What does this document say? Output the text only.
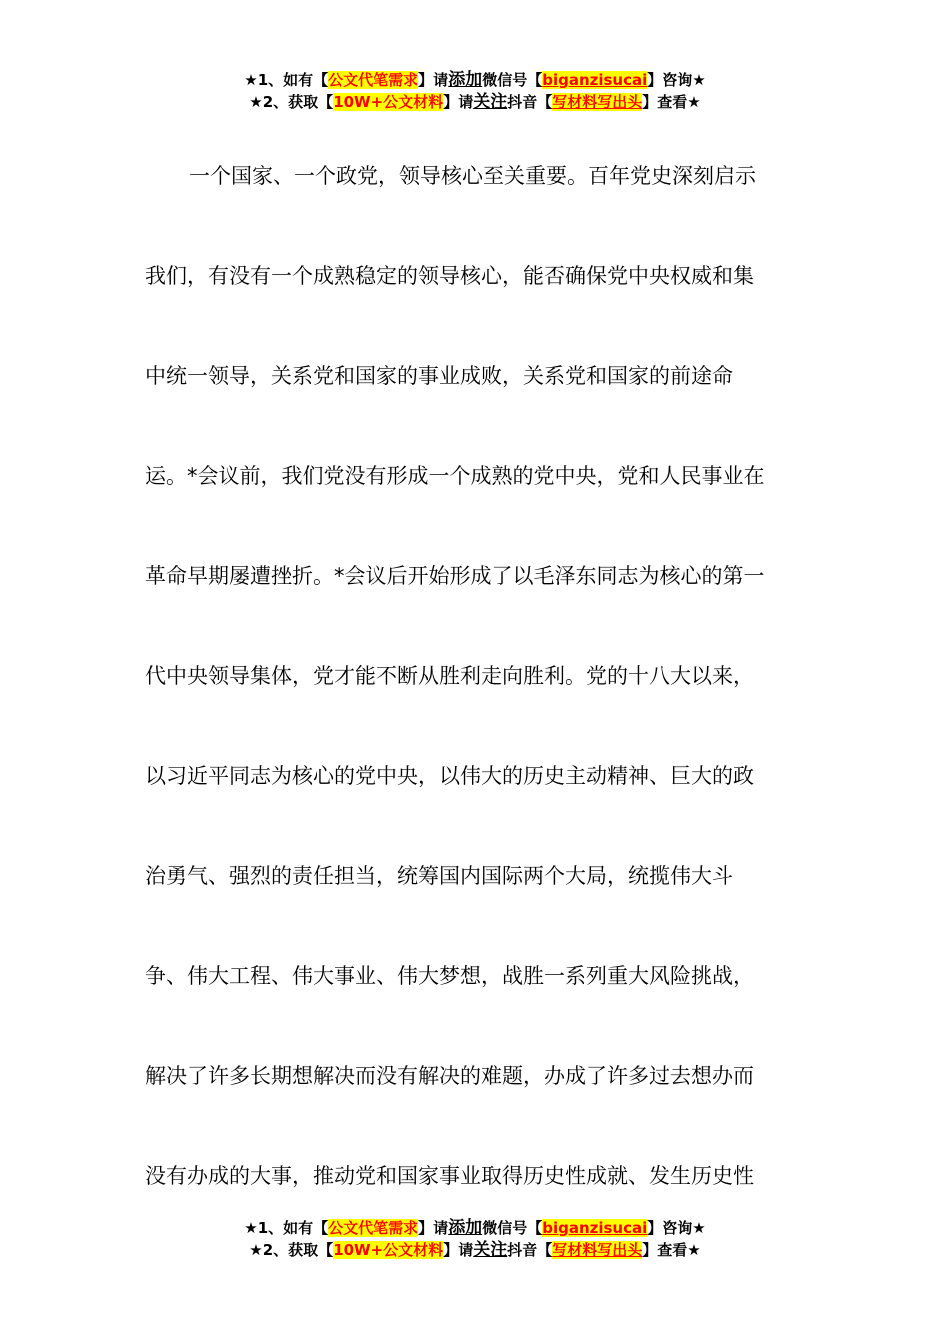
★1、如有【公文代笔需求】请添加微信号【biganzisucai】咨询★
★2、获取【10W+公文材料】请关注抖音【写材料写出头】查看★
一个国家、一个政党，领导核心至关重要。百年党史深刻启示
我们，有没有一个成熟稳定的领导核心，能否确保党中央权威和集
中统一领导，关系党和国家的事业成败，关系党和国家的前途命
运。*会议前，我们党没有形成一个成熟的党中央，党和人民事业在
革命早期屡遭挫折。*会议后开始形成了以毛泽东同志为核心的第一
代中央领导集体，党才能不断从胜利走向胜利。党的十八大以来，
以习近平同志为核心的党中央，以伟大的历史主动精神、巨大的政
治勇气、强烈的责任担当，统筹国内国际两个大局，统揽伟大斗
争、伟大工程、伟大事业、伟大梦想，战胜一系列重大风险挑战，
解决了许多长期想解决而没有解决的难题，办成了许多过去想办而
没有办成的大事，推动党和国家事业取得历史性成就、发生历史性
★1、如有【公文代笔需求】请添加微信号【biganzisucai】咨询★
★2、获取【10W+公文材料】请关注抖音【写材料写出头】查看★
